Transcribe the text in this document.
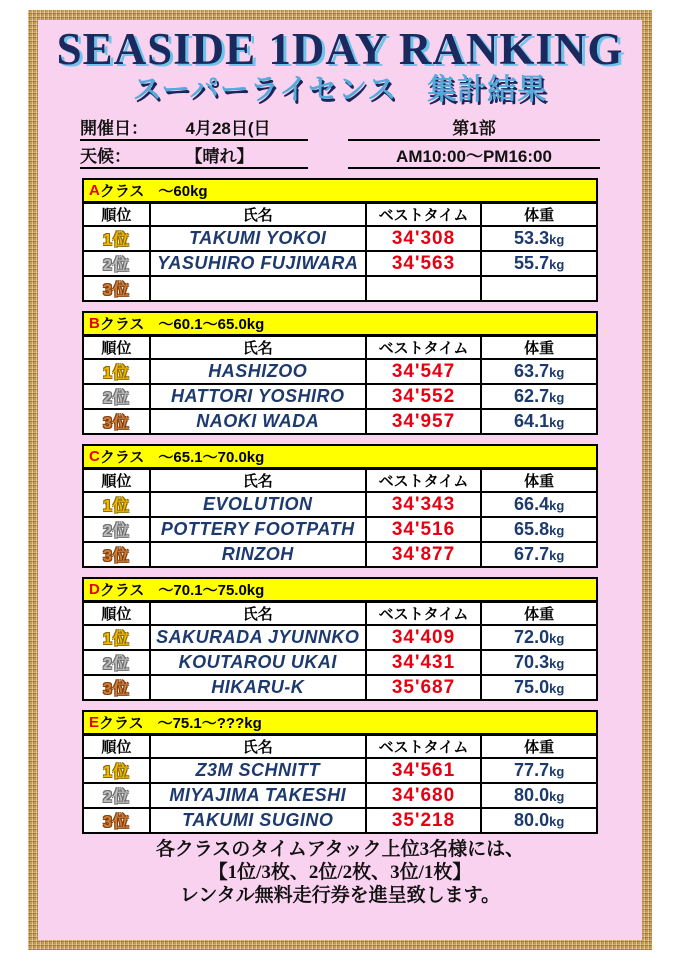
SEASIDE 1DAY RANKING
スーパーライセンス　集計結果
開催日：	4月28日(日
天候：	【晴れ】
第1部
AM10:00～PM16:00
A クラス ～60kg
順位	氏名	ベストタイム	体重
1位	TAKUMI YOKOI	34'308	53.3kg
2位	YASUHIRO FUJIWARA	34'563	55.7kg
3位			
B クラス ～60.1～65.0kg
順位	氏名	ベストタイム	体重
1位	HASHIZOO	34'547	63.7kg
2位	HATTORI YOSHIRO	34'552	62.7kg
3位	NAOKI WADA	34'957	64.1kg
C クラス ～65.1～70.0kg
順位	氏名	ベストタイム	体重
1位	EVOLUTION	34'343	66.4kg
2位	POTTERY FOOTPATH	34'516	65.8kg
3位	RINZOH	34'877	67.7kg
D クラス ～70.1～75.0kg
順位	氏名	ベストタイム	体重
1位	SAKURADA JYUNNKO	34'409	72.0kg
2位	KOUTAROU UKAI	34'431	70.3kg
3位	HIKARU-K	35'687	75.0kg
E クラス ～75.1～???kg
順位	氏名	ベストタイム	体重
1位	Z3M SCHNITT	34'561	77.7kg
2位	MIYAJIMA TAKESHI	34'680	80.0kg
3位	TAKUMI SUGINO	35'218	80.0kg
各クラスのタイムアタック上位3名様には、
【1位/3枚、2位/2枚、3位/1枚】
レンタル無料走行券を進呈致します。
